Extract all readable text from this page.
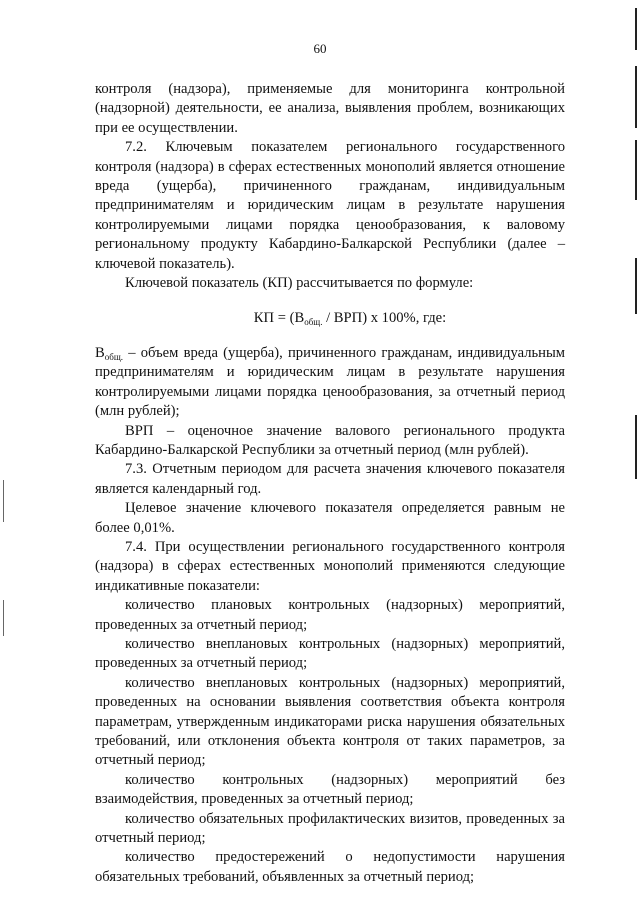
60

контроля (надзора), применяемые для мониторинга контрольной (надзорной) деятельности, ее анализа, выявления проблем, возникающих при ее осуществлении.

7.2. Ключевым показателем регионального государственного контроля (надзора) в сферах естественных монополий является отношение вреда (ущерба), причиненного гражданам, индивидуальным предпринимателям и юридическим лицам в результате нарушения контролируемыми лицами порядка ценообразования, к валовому региональному продукту Кабардино-Балкарской Республики (далее – ключевой показатель).

Ключевой показатель (КП) рассчитывается по формуле:

КП = $(В_{общ.} / ВРП)$ x 100%, где:

$В_{общ.}$ – объем вреда (ущерба), причиненного гражданам, индивидуальным предпринимателям и юридическим лицам в результате нарушения контролируемыми лицами порядка ценообразования, за отчетный период (млн рублей);

ВРП – оценочное значение валового регионального продукта Кабардино-Балкарской Республики за отчетный период (млн рублей).

7.3. Отчетным периодом для расчета значения ключевого показателя является календарный год.

Целевое значение ключевого показателя определяется равным не более 0,01%.

7.4. При осуществлении регионального государственного контроля (надзора) в сферах естественных монополий применяются следующие индикативные показатели:

количество плановых контрольных (надзорных) мероприятий, проведенных за отчетный период;

количество внеплановых контрольных (надзорных) мероприятий, проведенных за отчетный период;

количество внеплановых контрольных (надзорных) мероприятий, проведенных на основании выявления соответствия объекта контроля параметрам, утвержденным индикаторами риска нарушения обязательных требований, или отклонения объекта контроля от таких параметров, за отчетный период;

количество контрольных (надзорных) мероприятий без взаимодействия, проведенных за отчетный период;

количество обязательных профилактических визитов, проведенных за отчетный период;

количество предостережений о недопустимости нарушения обязательных требований, объявленных за отчетный период;
